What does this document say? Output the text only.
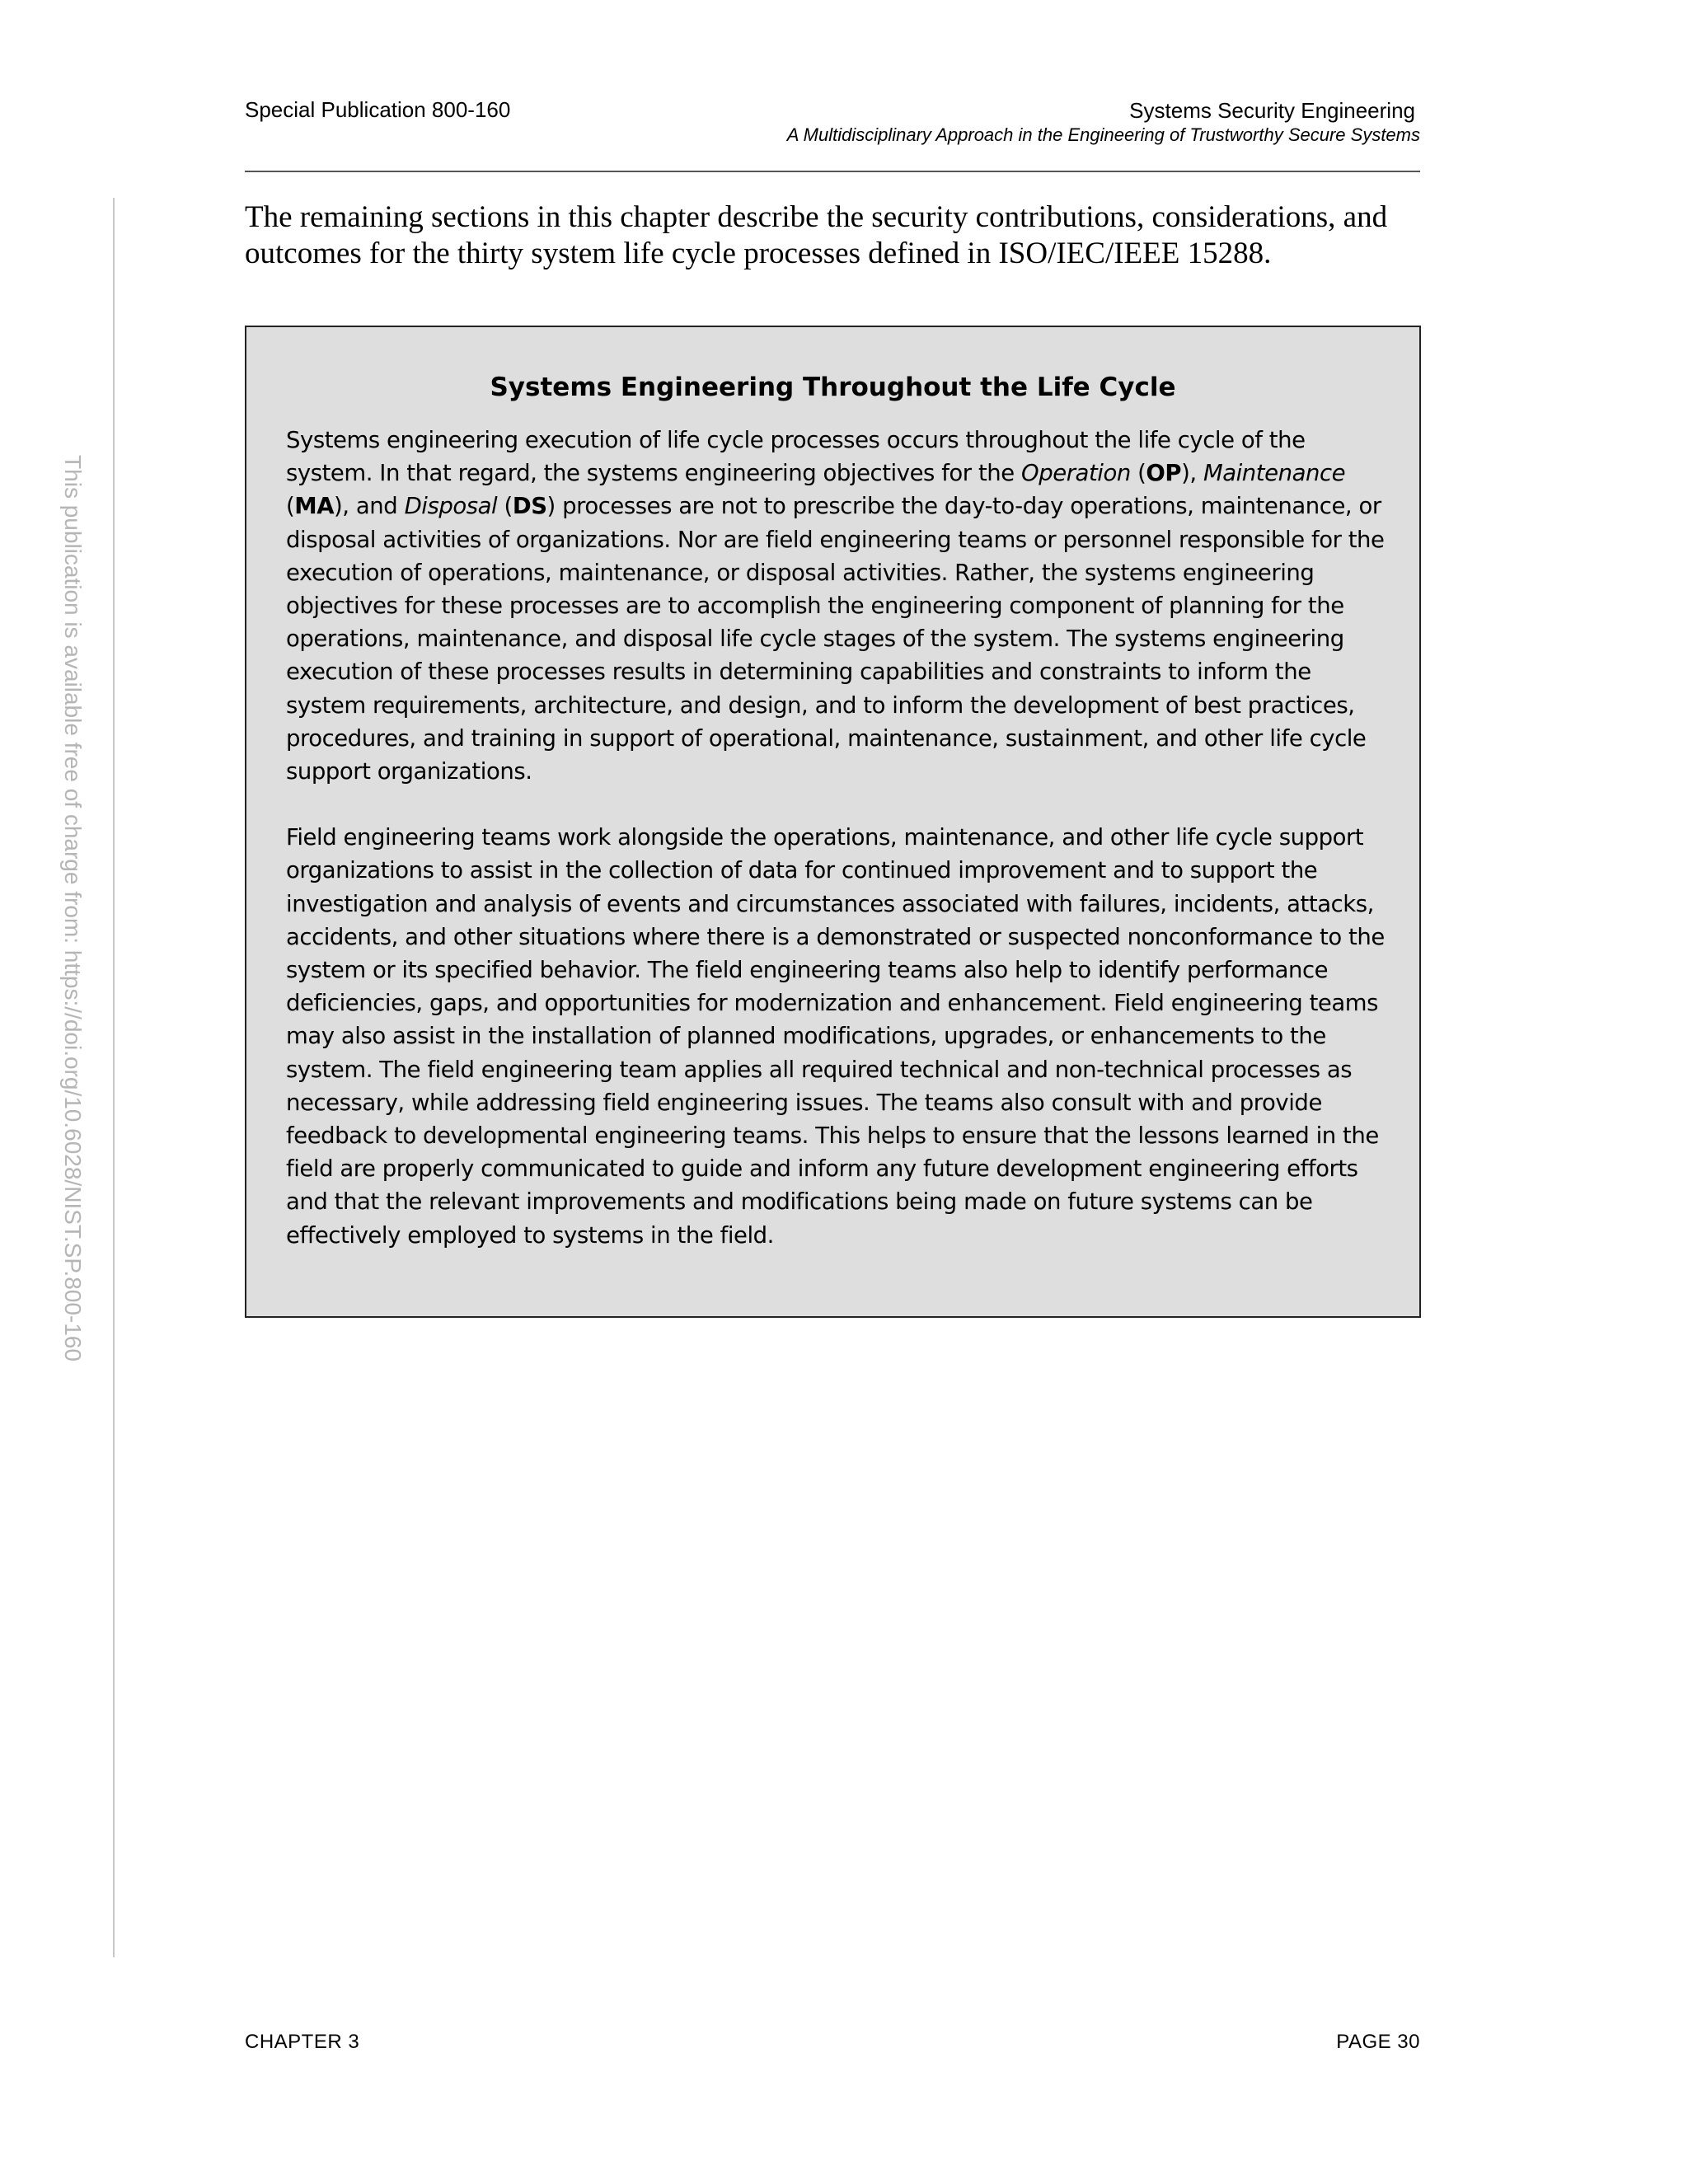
Special Publication 800-160	Systems Security Engineering
A Multidisciplinary Approach in the Engineering of Trustworthy Secure Systems
This publication is available free of charge from: https://doi.org/10.6028/NIST.SP.800-160
The remaining sections in this chapter describe the security contributions, considerations, and outcomes for the thirty system life cycle processes defined in ISO/IEC/IEEE 15288.
Systems Engineering Throughout the Life Cycle

Systems engineering execution of life cycle processes occurs throughout the life cycle of the system. In that regard, the systems engineering objectives for the Operation (OP), Maintenance (MA), and Disposal (DS) processes are not to prescribe the day-to-day operations, maintenance, or disposal activities of organizations. Nor are field engineering teams or personnel responsible for the execution of operations, maintenance, or disposal activities. Rather, the systems engineering objectives for these processes are to accomplish the engineering component of planning for the operations, maintenance, and disposal life cycle stages of the system. The systems engineering execution of these processes results in determining capabilities and constraints to inform the system requirements, architecture, and design, and to inform the development of best practices, procedures, and training in support of operational, maintenance, sustainment, and other life cycle support organizations.

Field engineering teams work alongside the operations, maintenance, and other life cycle support organizations to assist in the collection of data for continued improvement and to support the investigation and analysis of events and circumstances associated with failures, incidents, attacks, accidents, and other situations where there is a demonstrated or suspected nonconformance to the system or its specified behavior. The field engineering teams also help to identify performance deficiencies, gaps, and opportunities for modernization and enhancement. Field engineering teams may also assist in the installation of planned modifications, upgrades, or enhancements to the system. The field engineering team applies all required technical and non-technical processes as necessary, while addressing field engineering issues. The teams also consult with and provide feedback to developmental engineering teams. This helps to ensure that the lessons learned in the field are properly communicated to guide and inform any future development engineering efforts and that the relevant improvements and modifications being made on future systems can be effectively employed to systems in the field.

CHAPTER 3	PAGE 30
